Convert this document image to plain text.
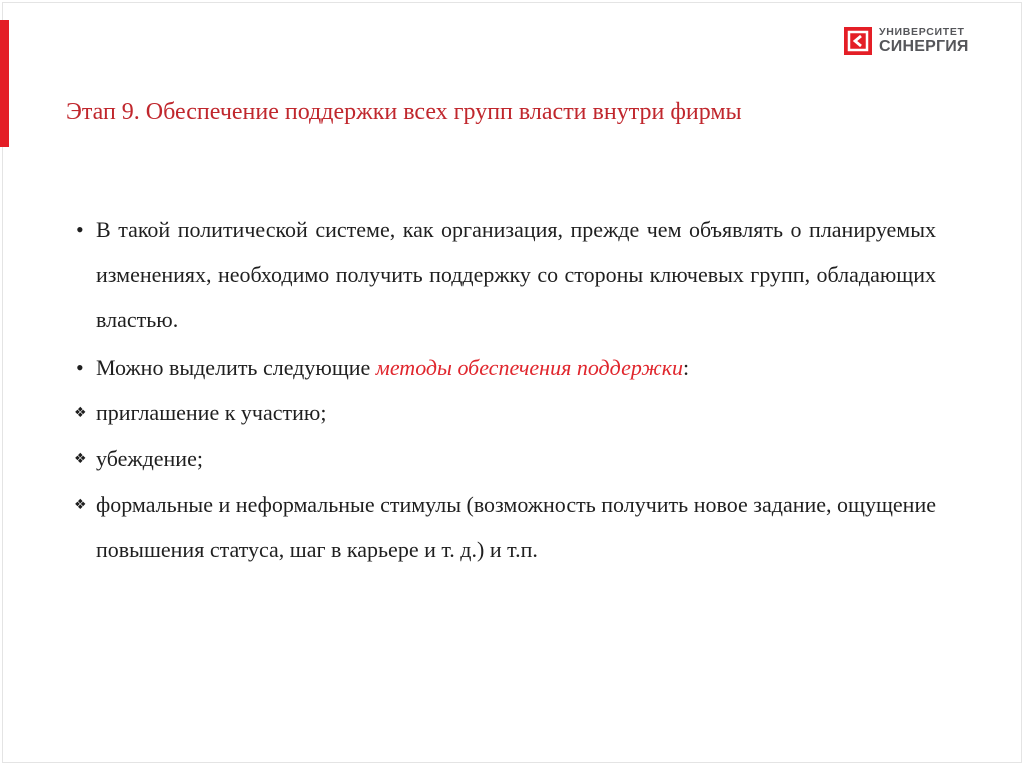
УНИВЕРСИТЕТ
СИНЕРГИЯ
Этап 9. Обеспечение поддержки всех групп власти внутри фирмы
• В такой политической системе, как организация, прежде чем объявлять о планируемых изменениях, необходимо получить поддержку со стороны ключевых групп, обладающих властью.
• Можно выделить следующие методы обеспечения поддержки:
❖ приглашение к участию;
❖ убеждение;
❖ формальные и неформальные стимулы (возможность получить новое задание, ощущение повышения статуса, шаг в карьере и т. д.) и т.п.
